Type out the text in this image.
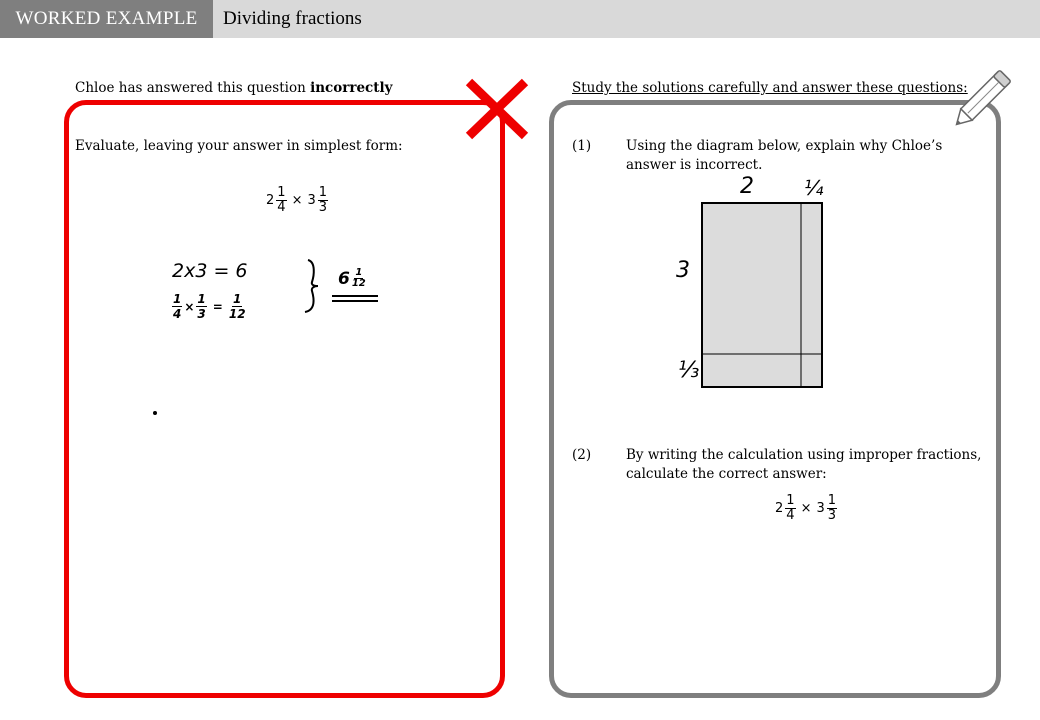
WORKED EXAMPLE	Dividing fractions
Chloe has answered this question incorrectly
Evaluate, leaving your answer in simplest form:
$2 \frac{1}{4} \times 3 \frac{1}{3}$
2x3 = 6
$\frac{1}{4} \times \frac{1}{3} = \frac{1}{12}$
$6 \frac{1}{12}$
Study the solutions carefully and answer these questions:
(1)	Using the diagram below, explain why Chloe’s
answer is incorrect.
2	¼
3
⅓
(2)	By writing the calculation using improper fractions,
calculate the correct answer:
$2 \frac{1}{4} \times 3 \frac{1}{3}$
